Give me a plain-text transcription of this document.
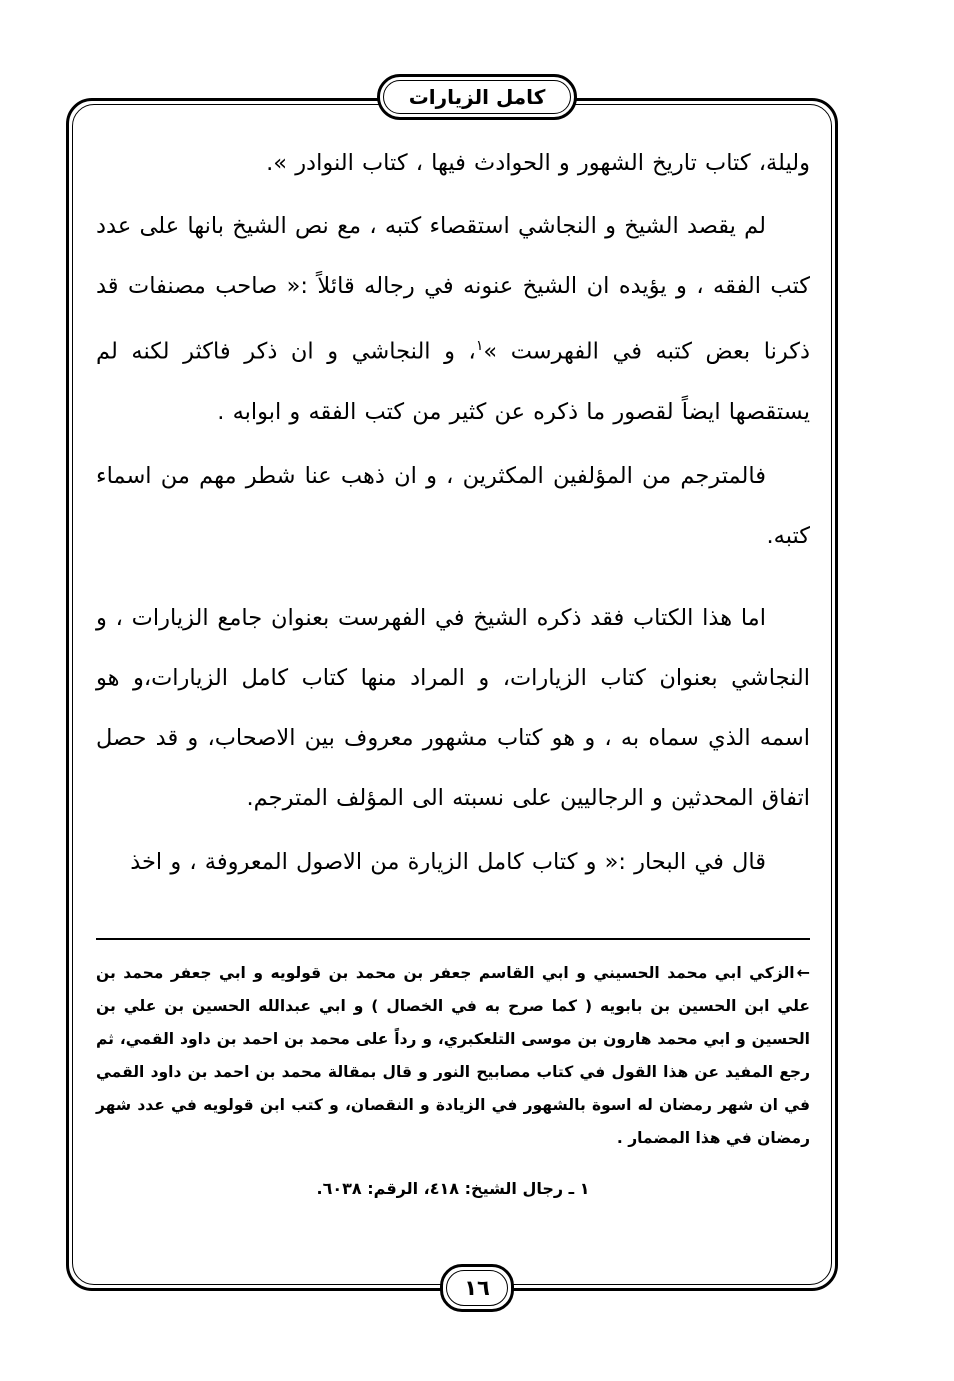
كامل الزيارات

وليلة، كتاب تاريخ الشهور و الحوادث فيها ، كتاب النوادر ».

لم يقصد الشيخ و النجاشي استقصاء كتبه ، مع نص الشيخ بانها على عدد كتب الفقه ، و يؤيده ان الشيخ عنونه في رجاله قائلاً :« صاحب مصنفات قد ذكرنا بعض كتبه في الفهرست »$^١$، و النجاشي و ان ذكر فاكثر لكنه لم يستقصها ايضاً لقصور ما ذكره عن كثير من كتب الفقه و ابوابه .

فالمترجم من المؤلفين المكثرين ، و ان ذهب عنا شطر مهم من اسماء كتبه.

اما هذا الكتاب فقد ذكره الشيخ في الفهرست بعنوان جامع الزيارات ، و النجاشي بعنوان كتاب الزيارات، و المراد منها كتاب كامل الزيارات،و هو اسمه الذي سماه به ، و هو كتاب مشهور معروف بين الاصحاب، و قد حصل اتفاق المحدثين و الرجاليين على نسبته الى المؤلف المترجم.

قال في البحار :« و كتاب كامل الزيارة من الاصول المعروفة ، و اخذ

←الزكي ابي محمد الحسيني و ابي القاسم جعفر بن محمد بن قولويه و ابي جعفر محمد بن علي ابن الحسين بن بابويه ( كما صرح به في الخصال ) و ابي عبدالله الحسين بن علي بن الحسين و ابي محمد هارون بن موسى التلعكبري، و رداً على محمد بن احمد بن داود القمي، ثم رجع المفيد عن هذا القول في كتاب مصابيح النور و قال بمقالة محمد بن احمد بن داود القمي في ان شهر رمضان له اسوة بالشهور في الزيادة و النقصان، و كتب ابن قولويه في عدد شهر رمضان في هذا المضمار .

١ ـ رجال الشيخ: ٤١٨، الرقم: ٦٠٣٨.

١٦
